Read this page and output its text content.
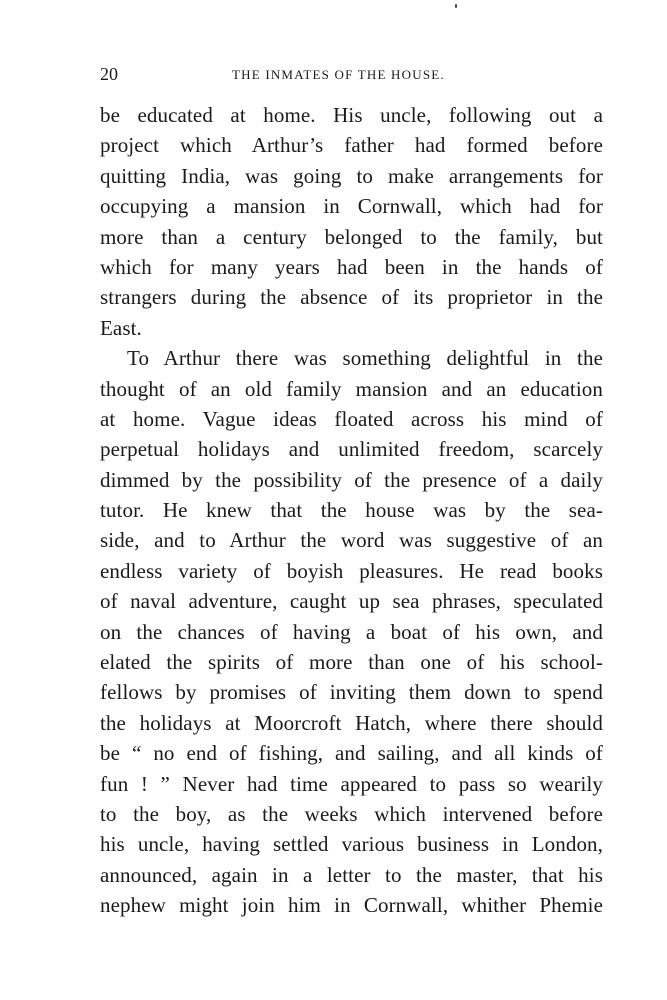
20	THE INMATES OF THE HOUSE.
be educated at home. His uncle, following out a
project which Arthur’s father had formed before
quitting India, was going to make arrangements for
occupying a mansion in Cornwall, which had for
more than a century belonged to the family, but
which for many years had been in the hands of
strangers during the absence of its proprietor in the
East.
To Arthur there was something delightful in the
thought of an old family mansion and an education
at home. Vague ideas floated across his mind of
perpetual holidays and unlimited freedom, scarcely
dimmed by the possibility of the presence of a daily
tutor. He knew that the house was by the sea-
side, and to Arthur the word was suggestive of an
endless variety of boyish pleasures. He read books
of naval adventure, caught up sea phrases, speculated
on the chances of having a boat of his own, and
elated the spirits of more than one of his school-
fellows by promises of inviting them down to spend
the holidays at Moorcroft Hatch, where there should
be “ no end of fishing, and sailing, and all kinds of
fun ! ” Never had time appeared to pass so wearily
to the boy, as the weeks which intervened before
his uncle, having settled various business in London,
announced, again in a letter to the master, that his
nephew might join him in Cornwall, whither Phemie
